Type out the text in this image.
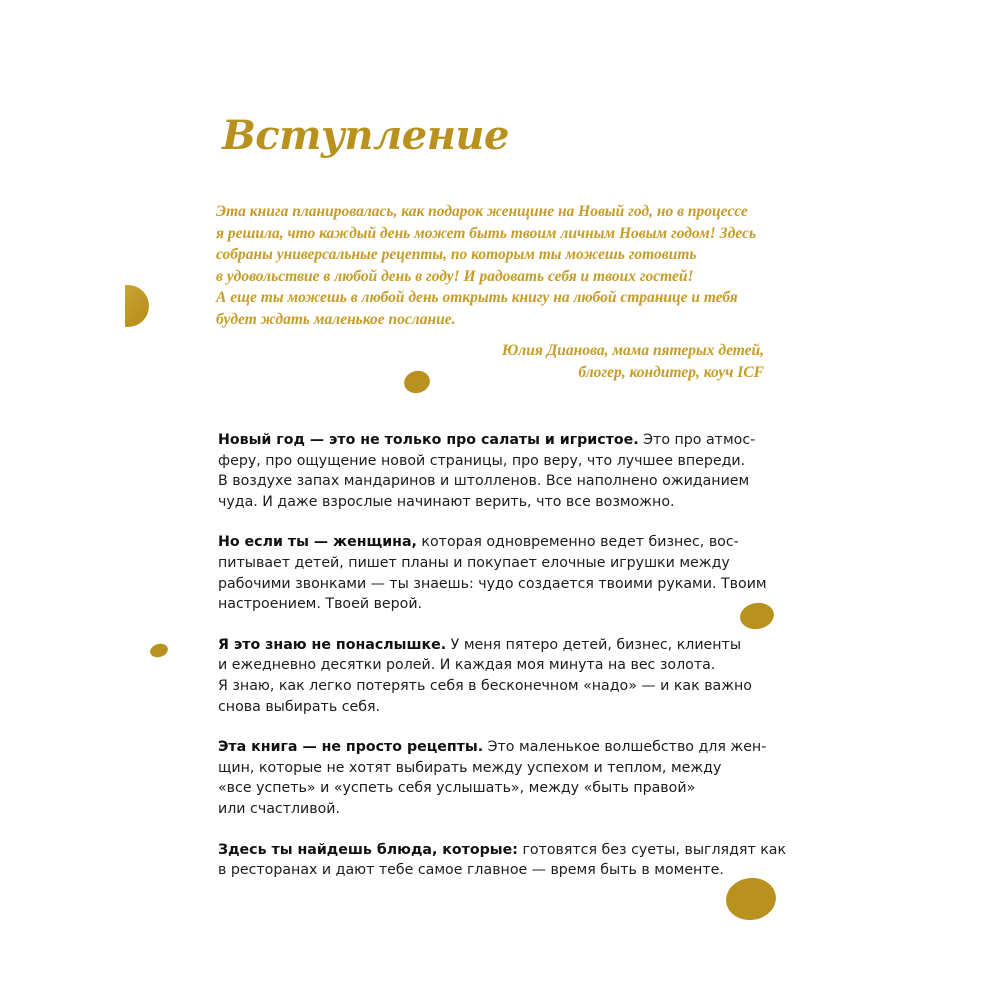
Вступление
Эта книга планировалась, как подарок женщине на Новый год, но в процессе
я решила, что каждый день может быть твоим личным Новым годом! Здесь
собраны универсальные рецепты, по которым ты можешь готовить
в удовольствие в любой день в году! И радовать себя и твоих гостей!
А еще ты можешь в любой день открыть книгу на любой странице и тебя
будет ждать маленькое послание.
Юлия Дианова, мама пятерых детей,
блогер, кондитер, коуч ICF

Новый год — это не только про салаты и игристое. Это про атмос-
феру, про ощущение новой страницы, про веру, что лучшее впереди.
В воздухе запах мандаринов и штолленов. Все наполнено ожиданием
чуда. И даже взрослые начинают верить, что все возможно.

Но если ты — женщина, которая одновременно ведет бизнес, вос-
питывает детей, пишет планы и покупает елочные игрушки между
рабочими звонками — ты знаешь: чудо создается твоими руками. Твоим
настроением. Твоей верой.

Я это знаю не понаслышке. У меня пятеро детей, бизнес, клиенты
и ежедневно десятки ролей. И каждая моя минута на вес золота.
Я знаю, как легко потерять себя в бесконечном «надо» — и как важно
снова выбирать себя.

Эта книга — не просто рецепты. Это маленькое волшебство для жен-
щин, которые не хотят выбирать между успехом и теплом, между
«все успеть» и «успеть себя услышать», между «быть правой»
или счастливой.

Здесь ты найдешь блюда, которые: готовятся без суеты, выглядят как
в ресторанах и дают тебе самое главное — время быть в моменте.
